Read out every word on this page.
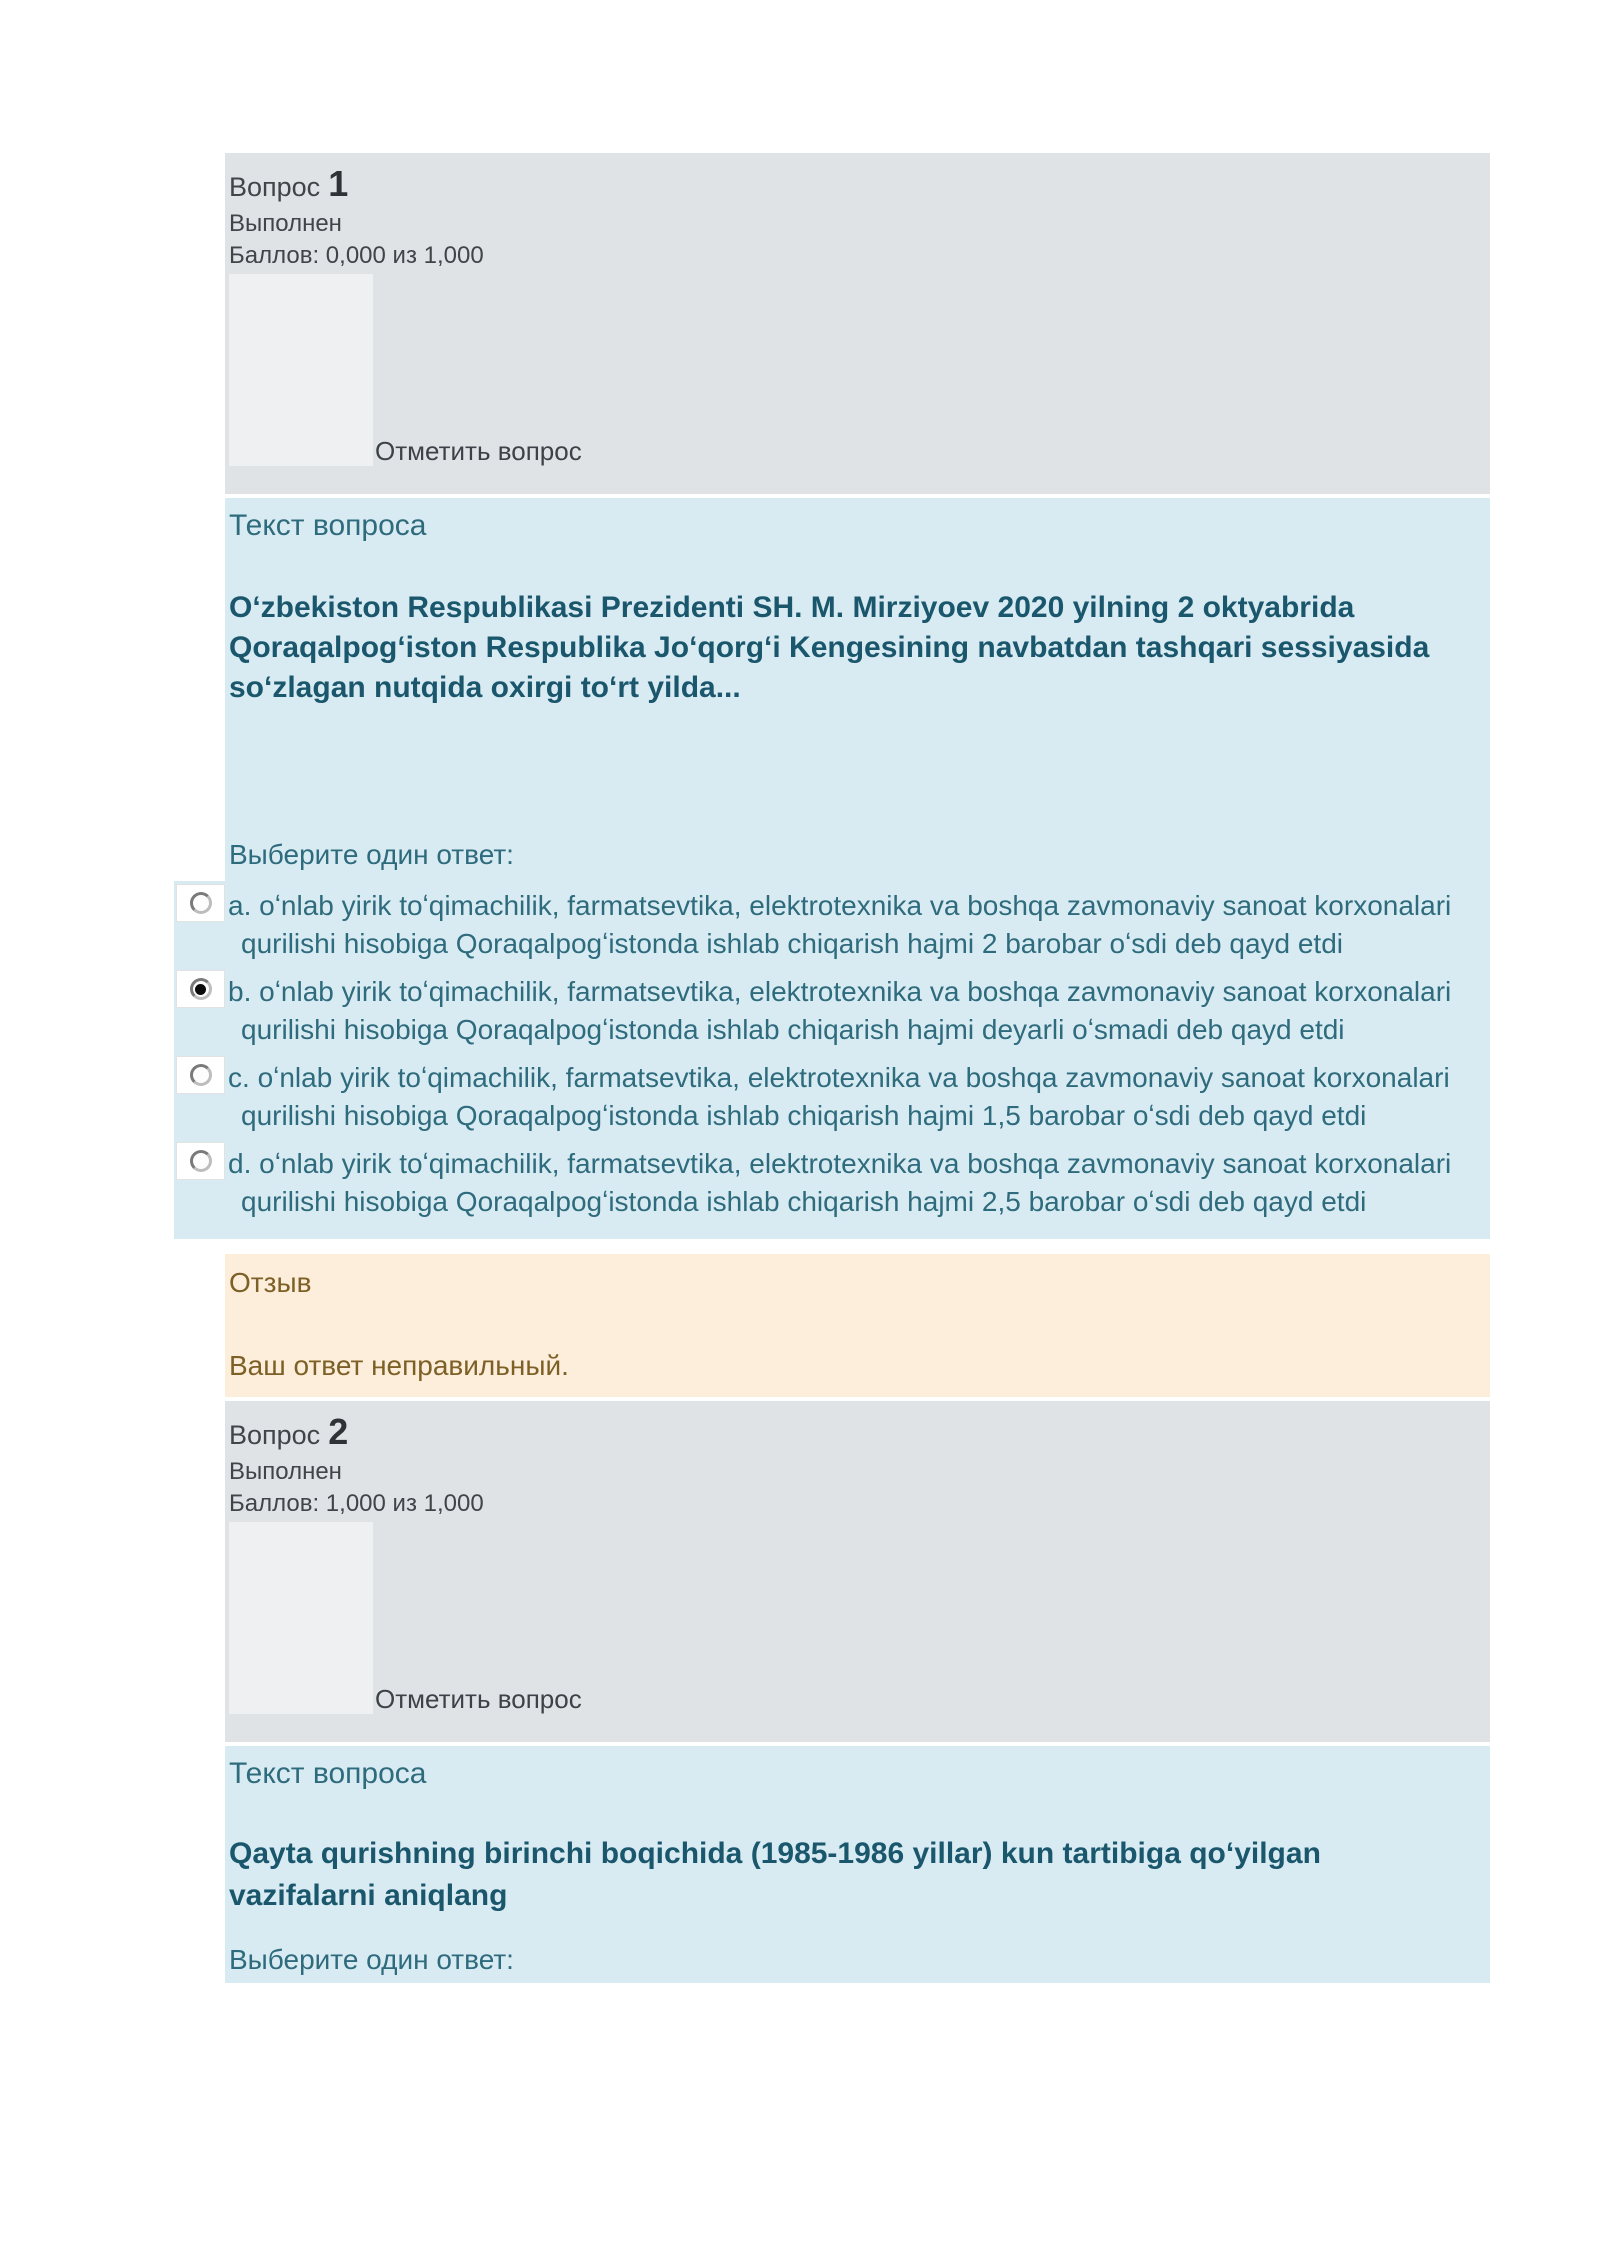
Вопрос 1
Выполнен
Баллов: 0,000 из 1,000
Отметить вопрос
Текст вопроса
Oʻzbekiston Respublikasi Prezidenti SH. M. Mirziyoev 2020 yilning 2 oktyabrida Qoraqalpogʻiston Respublika Joʻqorgʻi Kengesining navbatdan tashqari sessiyasida soʻzlagan nutqida oxirgi toʻrt yilda...
Выберите один ответ:
a. oʻnlab yirik toʻqimachilik, farmatsevtika, elektrotexnika va boshqa zavmonaviy sanoat korxonalari qurilishi hisobiga Qoraqalpogʻistonda ishlab chiqarish hajmi 2 barobar oʻsdi deb qayd etdi
b. oʻnlab yirik toʻqimachilik, farmatsevtika, elektrotexnika va boshqa zavmonaviy sanoat korxonalari qurilishi hisobiga Qoraqalpogʻistonda ishlab chiqarish hajmi deyarli oʻsmadi deb qayd etdi
c. oʻnlab yirik toʻqimachilik, farmatsevtika, elektrotexnika va boshqa zavmonaviy sanoat korxonalari qurilishi hisobiga Qoraqalpogʻistonda ishlab chiqarish hajmi 1,5 barobar oʻsdi deb qayd etdi
d. oʻnlab yirik toʻqimachilik, farmatsevtika, elektrotexnika va boshqa zavmonaviy sanoat korxonalari qurilishi hisobiga Qoraqalpogʻistonda ishlab chiqarish hajmi 2,5 barobar oʻsdi deb qayd etdi
Отзыв
Ваш ответ неправильный.
Вопрос 2
Выполнен
Баллов: 1,000 из 1,000
Отметить вопрос
Текст вопроса
Qayta qurishning birinchi boqichida (1985-1986 yillar) kun tartibiga qoʻyilgan vazifalarni aniqlang
Выберите один ответ:
